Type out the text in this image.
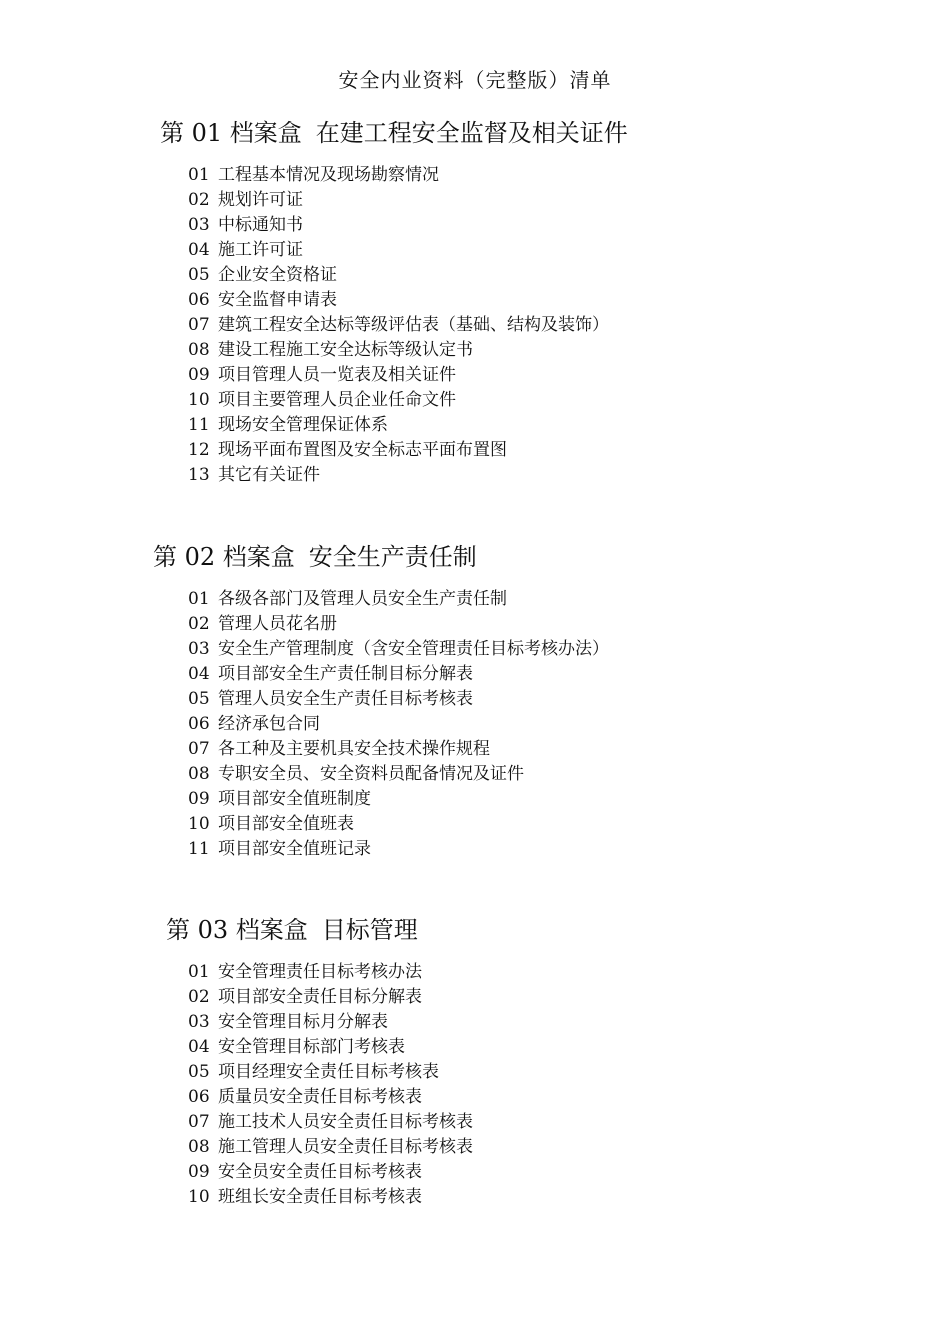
安全内业资料（完整版）清单
第 01 档案盒 在建工程安全监督及相关证件
01 工程基本情况及现场勘察情况
02 规划许可证
03 中标通知书
04 施工许可证
05 企业安全资格证
06 安全监督申请表
07 建筑工程安全达标等级评估表（基础、结构及装饰）
08 建设工程施工安全达标等级认定书
09 项目管理人员一览表及相关证件
10 项目主要管理人员企业任命文件
11 现场安全管理保证体系
12 现场平面布置图及安全标志平面布置图
13 其它有关证件
第 02 档案盒 安全生产责任制
01 各级各部门及管理人员安全生产责任制
02 管理人员花名册
03 安全生产管理制度（含安全管理责任目标考核办法）
04 项目部安全生产责任制目标分解表
05 管理人员安全生产责任目标考核表
06 经济承包合同
07 各工种及主要机具安全技术操作规程
08 专职安全员、安全资料员配备情况及证件
09 项目部安全值班制度
10 项目部安全值班表
11 项目部安全值班记录
第 03 档案盒 目标管理
01 安全管理责任目标考核办法
02 项目部安全责任目标分解表
03 安全管理目标月分解表
04 安全管理目标部门考核表
05 项目经理安全责任目标考核表
06 质量员安全责任目标考核表
07 施工技术人员安全责任目标考核表
08 施工管理人员安全责任目标考核表
09 安全员安全责任目标考核表
10 班组长安全责任目标考核表
